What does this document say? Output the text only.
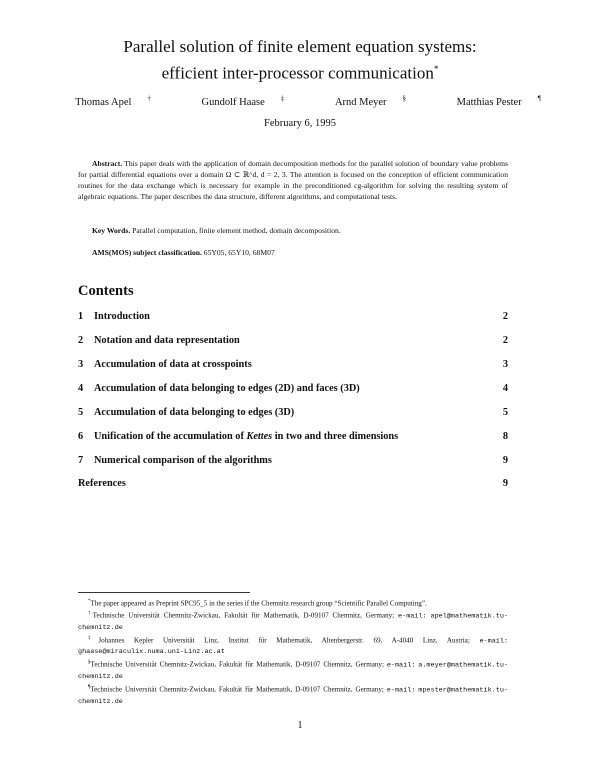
Parallel solution of finite element equation systems:
efficient inter-processor communication*
Thomas Apel †	Gundolf Haase ‡	Arnd Meyer §	Matthias Pester ¶
February 6, 1995
Abstract. This paper deals with the application of domain decomposition methods for the parallel solution of boundary value problems for partial differential equations over a domain Ω ⊂ ℝ^d, d = 2, 3. The attention is focused on the conception of efficient communication routines for the data exchange which is necessary for example in the preconditioned cg-algorithm for solving the resulting system of algebraic equations. The paper describes the data structure, different algorithms, and computational tests.
Key Words. Parallel computation, finite element method, domain decomposition.
AMS(MOS) subject classification. 65Y05, 65Y10, 68M07
Contents
1 Introduction	2
2 Notation and data representation	2
3 Accumulation of data at crosspoints	3
4 Accumulation of data belonging to edges (2D) and faces (3D)	4
5 Accumulation of data belonging to edges (3D)	5
6 Unification of the accumulation of Kettes in two and three dimensions	8
7 Numerical comparison of the algorithms	9
References	9
*The paper appeared as Preprint SPC95_5 in the series if the Chemnitz research group “Scientific Parallel Computing”.
†Technische Universität Chemnitz-Zwickau, Fakultät für Mathematik, D-09107 Chemnitz, Germany; e-mail: apel@mathematik.tu-chemnitz.de
‡Johannes Kepler Universität Linz, Institut für Mathematik, Altenbergerstr. 69, A-4040 Linz, Austria; e-mail: ghaase@miraculix.numa.uni-Linz.ac.at
§Technische Universität Chemnitz-Zwickau, Fakultät für Mathematik, D-09107 Chemnitz, Germany; e-mail: a.meyer@mathematik.tu-chemnitz.de
¶Technische Universität Chemnitz-Zwickau, Fakultät für Mathematik, D-09107 Chemnitz, Germany; e-mail: mpester@mathematik.tu-chemnitz.de
1
